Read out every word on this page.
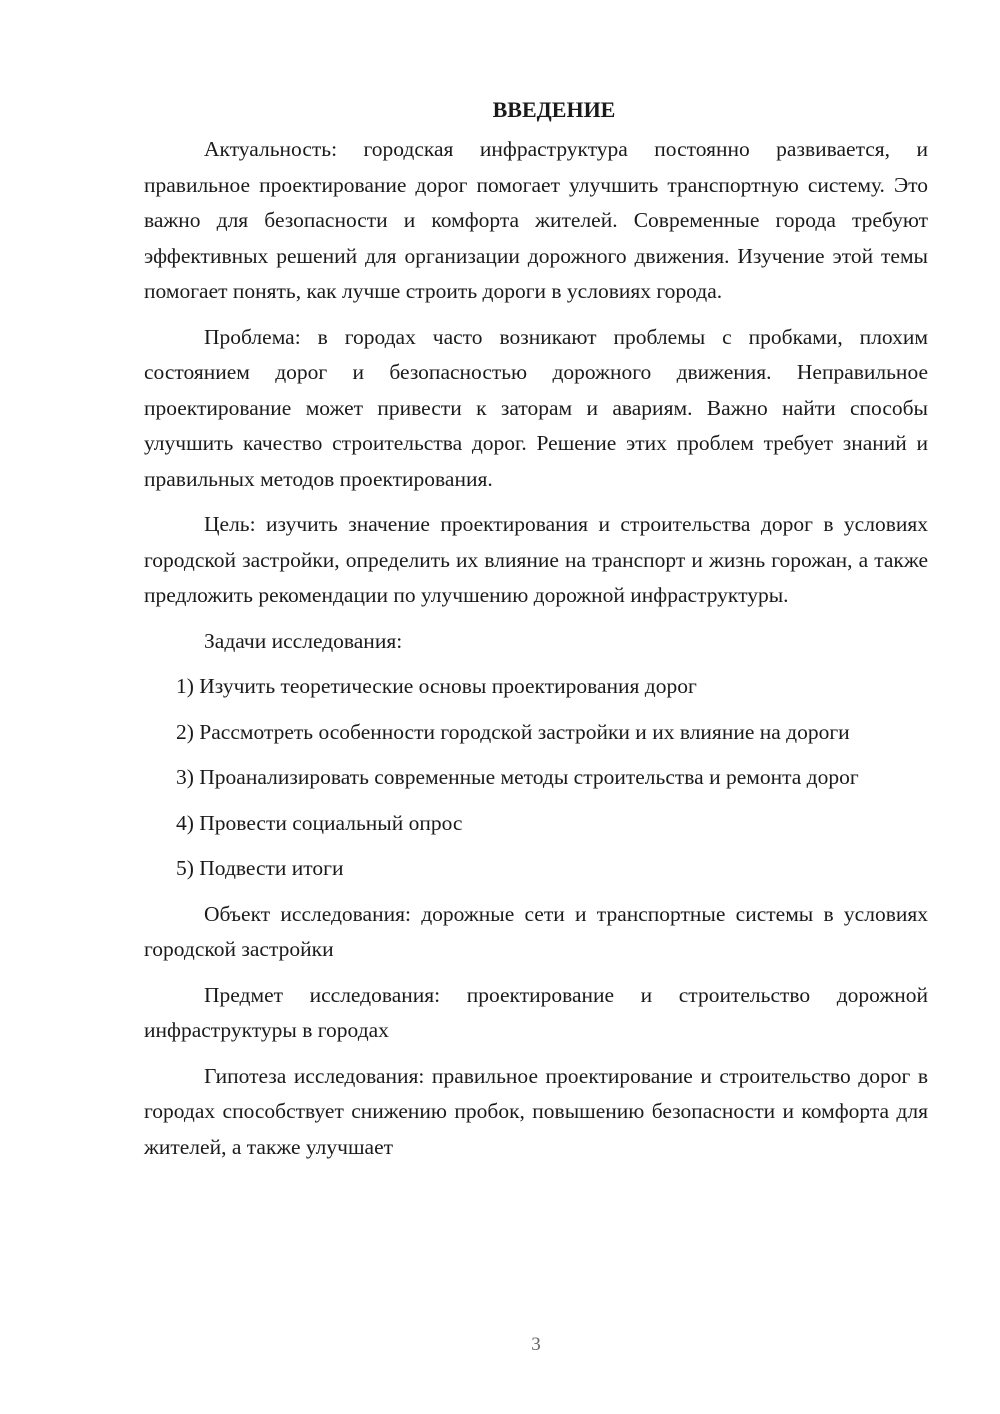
ВВЕДЕНИЕ

Актуальность: городская инфраструктура постоянно развивается, и правильное проектирование дорог помогает улучшить транспортную систему. Это важно для безопасности и комфорта жителей. Современные города требуют эффективных решений для организации дорожного движения. Изучение этой темы помогает понять, как лучше строить дороги в условиях города.

Проблема: в городах часто возникают проблемы с пробками, плохим состоянием дорог и безопасностью дорожного движения. Неправильное проектирование может привести к заторам и авариям. Важно найти способы улучшить качество строительства дорог. Решение этих проблем требует знаний и правильных методов проектирования.

Цель: изучить значение проектирования и строительства дорог в условиях городской застройки, определить их влияние на транспорт и жизнь горожан, а также предложить рекомендации по улучшению дорожной инфраструктуры.

Задачи исследования:

1) Изучить теоретические основы проектирования дорог

2) Рассмотреть особенности городской застройки и их влияние на дороги

3) Проанализировать современные методы строительства и ремонта дорог

4) Провести социальный опрос

5) Подвести итоги

Объект исследования: дорожные сети и транспортные системы в условиях городской застройки

Предмет исследования: проектирование и строительство дорожной инфраструктуры в городах

Гипотеза исследования: правильное проектирование и строительство дорог в городах способствует снижению пробок, повышению безопасности и комфорта для жителей, а также улучшает

3
